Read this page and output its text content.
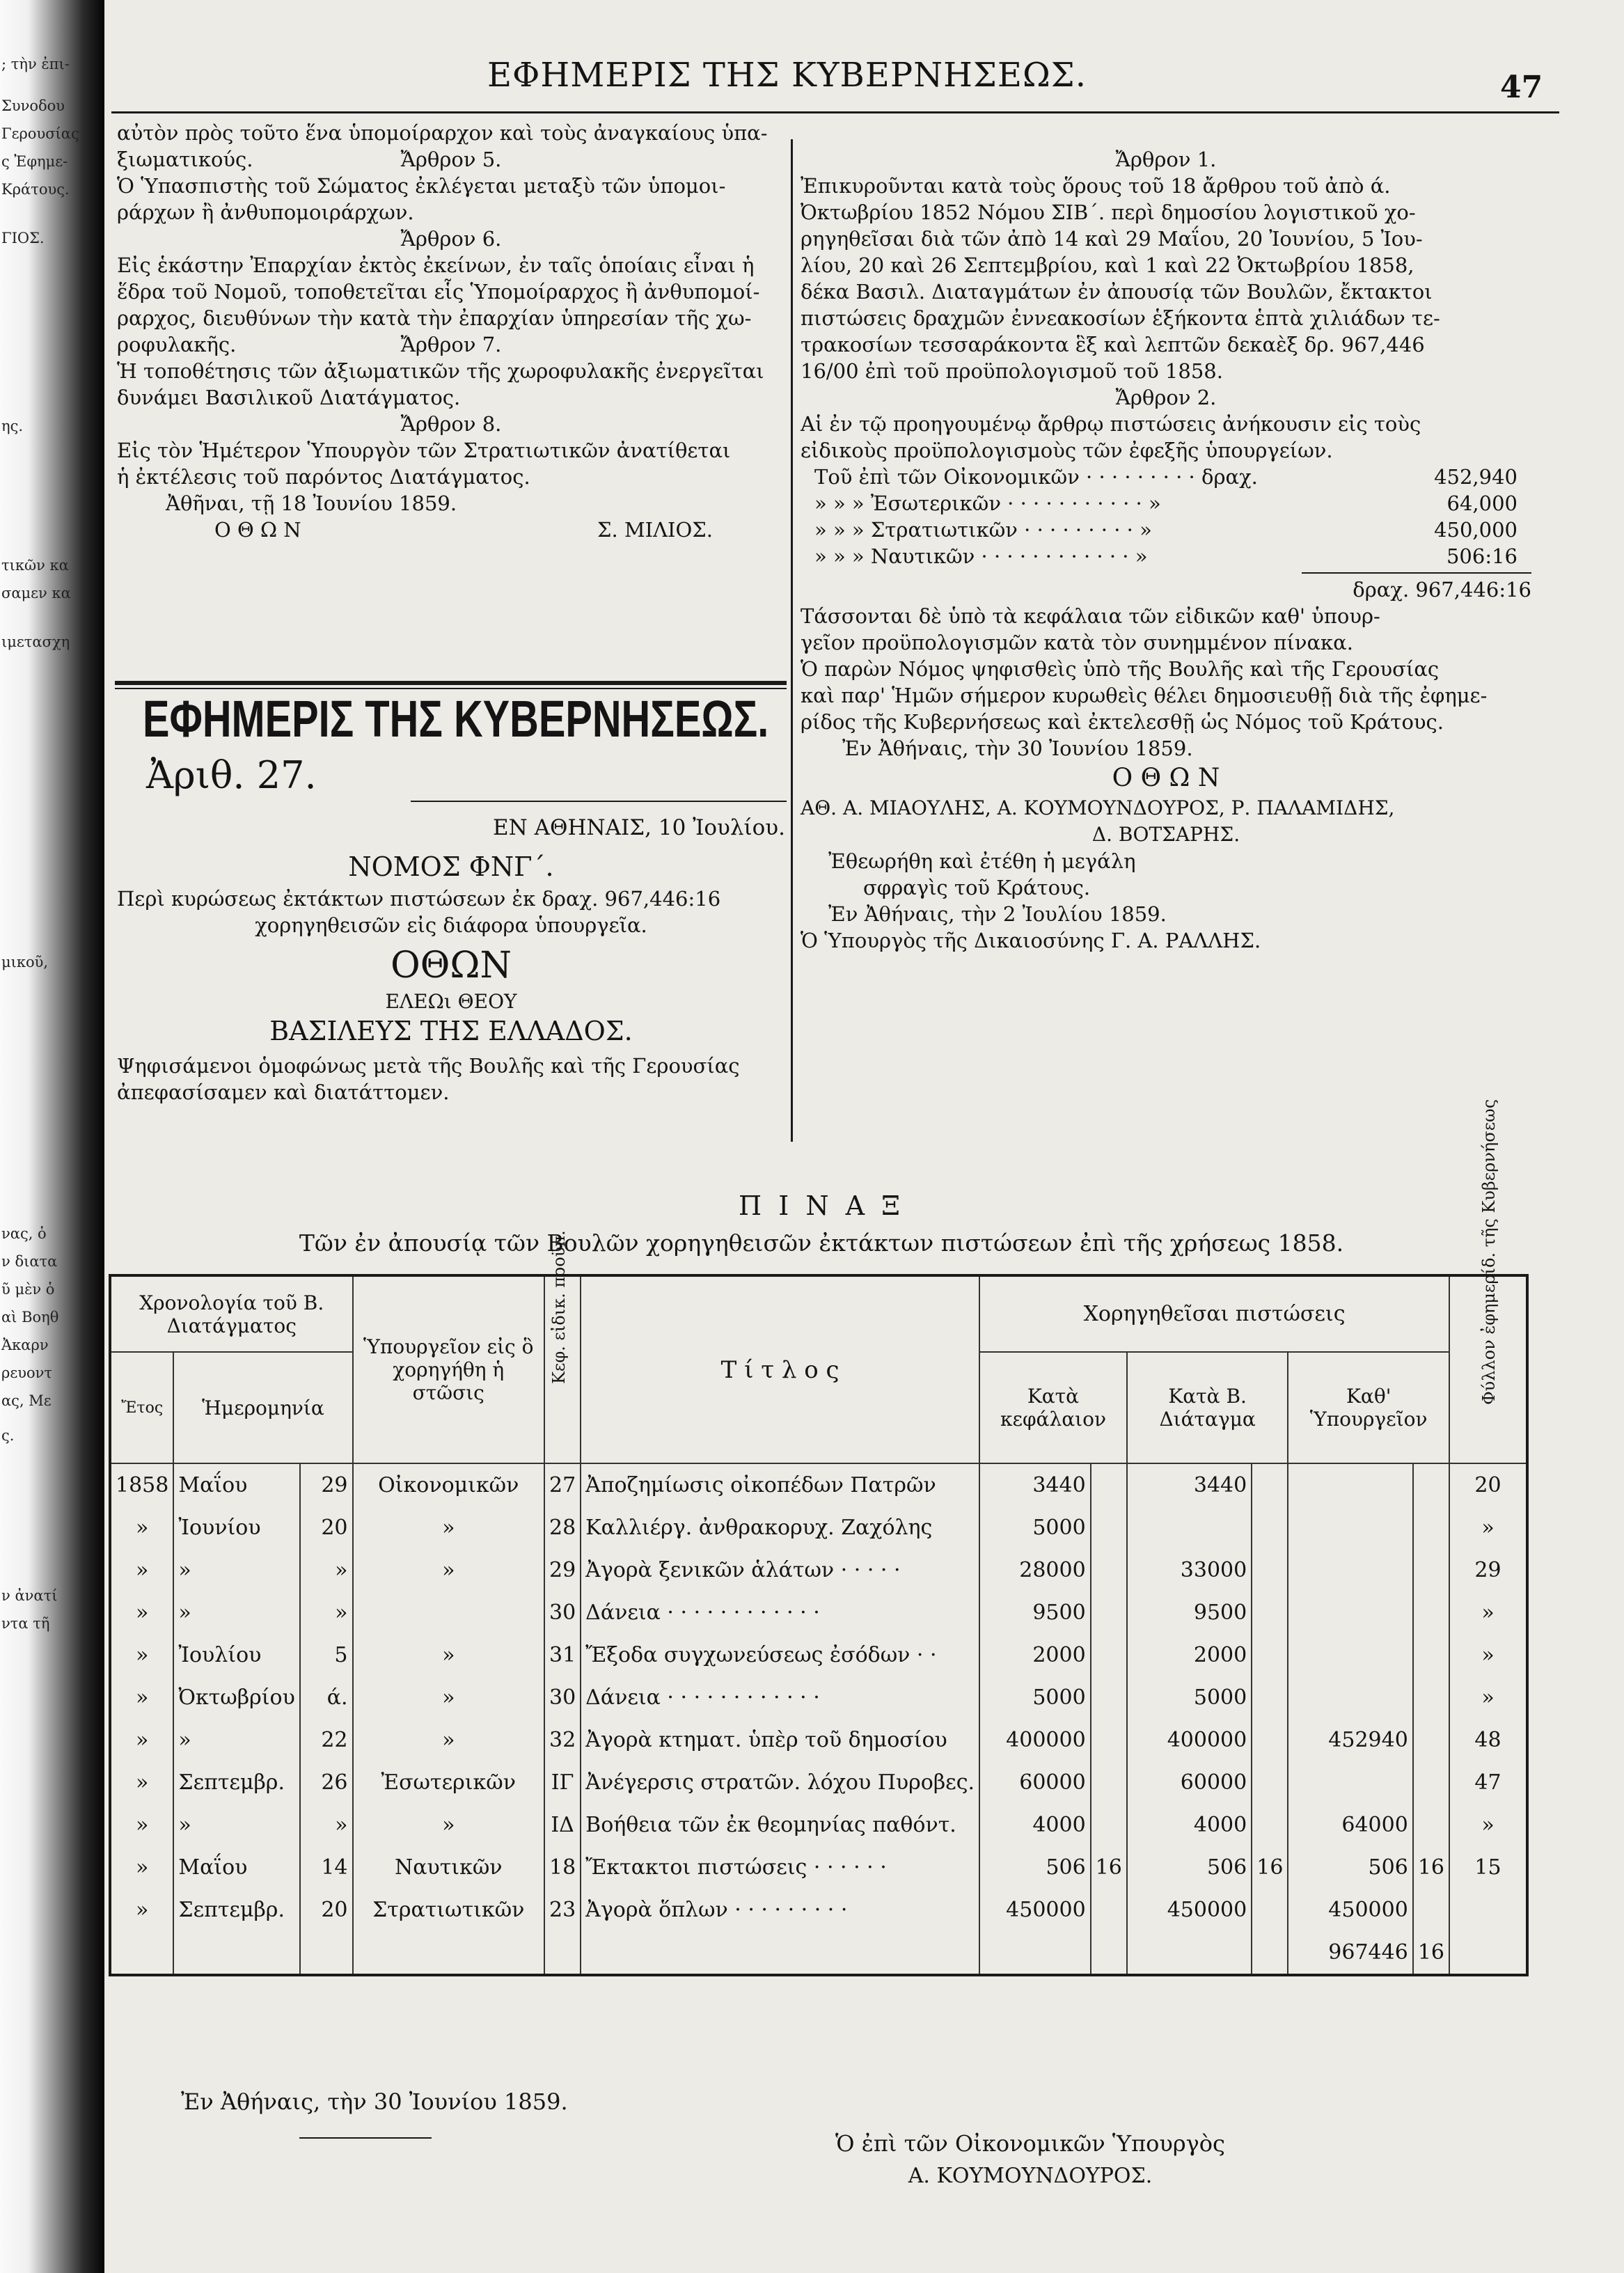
; τὴν ἐπι-
Συνοδου
Γερουσίας
ς Ἐφημε-
Κράτους.
ΓΙΟΣ.
ης.
τικῶν κα
σαμεν κα
ιμετασχη
μικοῦ,
νας, ὁ
ν διατα
ῦ μὲν ὁ
αὶ Βοηθ
Ἀκαρν
ρευοντ
ας, Με
ς.
ν ἀνατί
ντα τῆ
ΕΦΗΜΕΡΙΣ ΤΗΣ ΚΥΒΕΡΝΗΣΕΩΣ.	47

αὐτὸν πρὸς τοῦτο ἕνα ὑπομοίραρχον καὶ τοὺς ἀναγκαίους ὑπα-

ξιωματικούς.	Ἄρθρον 5.

Ὁ Ὑπασπιστὴς τοῦ Σώματος ἐκλέγεται μεταξὺ τῶν ὑπομοι-

ράρχων ἢ ἀνθυπομοιράρχων.

Ἄρθρον 6.

Εἰς ἑκάστην Ἐπαρχίαν ἐκτὸς ἐκείνων, ἐν ταῖς ὁποίαις εἶναι ἡ

ἕδρα τοῦ Νομοῦ, τοποθετεῖται εἷς Ὑπομοίραρχος ἢ ἀνθυπομοί-

ραρχος, διευθύνων τὴν κατὰ τὴν ἐπαρχίαν ὑπηρεσίαν τῆς χω-

ροφυλακῆς.	Ἄρθρον 7.

Ἡ τοποθέτησις τῶν ἀξιωματικῶν τῆς χωροφυλακῆς ἐνεργεῖται

δυνάμει Βασιλικοῦ Διατάγματος.

Ἄρθρον 8.

Εἰς τὸν Ἡμέτερον Ὑπουργὸν τῶν Στρατιωτικῶν ἀνατίθεται

ἡ ἐκτέλεσις τοῦ παρόντος Διατάγματος.

Ἀθῆναι, τῇ 18 Ἰουνίου 1859.

Ο Θ Ω Ν	Σ. ΜΙΛΙΟΣ.

ΕΦΗΜΕΡΙΣ ΤΗΣ ΚΥΒΕΡΝΗΣΕΩΣ.
Ἀριθ. 27.

ΕΝ ΑΘΗΝΑΙΣ, 10 Ἰουλίου.

ΝΟΜΟΣ ΦΝΓ΄.

Περὶ κυρώσεως ἐκτάκτων πιστώσεων ἐκ δραχ. 967,446:16

χορηγηθεισῶν εἰς διάφορα ὑπουργεῖα.

ΟΘΩΝ

ΕΛΕΩι ΘΕΟΥ

ΒΑΣΙΛΕΥΣ ΤΗΣ ΕΛΛΑΔΟΣ.

Ψηφισάμενοι ὁμοφώνως μετὰ τῆς Βουλῆς καὶ τῆς Γερουσίας

ἀπεφασίσαμεν καὶ διατάττομεν.

Ἄρθρον 1.

Ἐπικυροῦνται κατὰ τοὺς ὅρους τοῦ 18 ἄρθρου τοῦ ἀπὸ ά.

Ὀκτωβρίου 1852 Νόμου ΣΙΒ΄. περὶ δημοσίου λογιστικοῦ χο-

ρηγηθεῖσαι διὰ τῶν ἀπὸ 14 καὶ 29 Μαΐου, 20 Ἰουνίου, 5 Ἰου-

λίου, 20 καὶ 26 Σεπτεμβρίου, καὶ 1 καὶ 22 Ὀκτωβρίου 1858,

δέκα Βασιλ. Διαταγμάτων ἐν ἀπουσίᾳ τῶν Βουλῶν, ἔκτακτοι

πιστώσεις δραχμῶν ἐννεακοσίων ἑξήκοντα ἑπτὰ χιλιάδων τε-

τρακοσίων τεσσαράκοντα ἓξ καὶ λεπτῶν δεκαὲξ δρ. 967,446

16/00 ἐπὶ τοῦ προϋπολογισμοῦ τοῦ 1858.

Ἄρθρον 2.

Αἱ ἐν τῷ προηγουμένῳ ἄρθρῳ πιστώσεις ἀνήκουσιν εἰς τοὺς

εἰδικοὺς προϋπολογισμοὺς τῶν ἐφεξῆς ὑπουργείων.

Τοῦ ἐπὶ τῶν Οἰκονομικῶν · · · · · · · · · δραχ.	452,940

» » » Ἐσωτερικῶν · · · · · · · · · · · »	64,000

» » » Στρατιωτικῶν · · · · · · · · · »	450,000

» » » Ναυτικῶν · · · · · · · · · · · · »	506:16

δραχ. 967,446:16

Τάσσονται δὲ ὑπὸ τὰ κεφάλαια τῶν εἰδικῶν καθ' ὑπουρ-

γεῖον προϋπολογισμῶν κατὰ τὸν συνημμένον πίνακα.

Ὁ παρὼν Νόμος ψηφισθεὶς ὑπὸ τῆς Βουλῆς καὶ τῆς Γερουσίας

καὶ παρ' Ἡμῶν σήμερον κυρωθεὶς θέλει δημοσιευθῇ διὰ τῆς ἐφημε-

ρίδος τῆς Κυβερνήσεως καὶ ἐκτελεσθῇ ὡς Νόμος τοῦ Κράτους.

Ἐν Ἀθήναις, τὴν 30 Ἰουνίου 1859.

Ο Θ Ω Ν

ΑΘ. Α. ΜΙΑΟΥΛΗΣ, Α. ΚΟΥΜΟΥΝΔΟΥΡΟΣ, Ρ. ΠΑΛΑΜΙΔΗΣ,

Δ. ΒΟΤΣΑΡΗΣ.

Ἐθεωρήθη καὶ ἐτέθη ἡ μεγάλη

σφραγὶς τοῦ Κράτους.

Ἐν Ἀθήναις, τὴν 2 Ἰουλίου 1859.

Ὁ Ὑπουργὸς τῆς Δικαιοσύνης Γ. Α. ΡΑΛΛΗΣ.

Π Ι Ν Α Ξ
Τῶν ἐν ἀπουσίᾳ τῶν Βουλῶν χορηγηθεισῶν ἐκτάκτων πιστώσεων ἐπὶ τῆς χρήσεως 1858.
Χρονολογία τοῦ Β. Διατάγματος			Ὑπουργεῖον εἰς ὃ χορηγήθη ἡ στῶσις	Κεφ. εἰδικ. προϋπ.	Τ ί τ λ ο ς	Χορηγηθεῖσαι πιστώσεις	

Ἔτος	Ἡμερομηνία					Κατὰ κεφάλαιον		Κατὰ Β. Διάταγμα		Καθ' Ὑπουργεῖον		
1858	Μαΐου	29	Οἰκονομικῶν	27	Ἀποζημίωσις οἰκοπέδων Πατρῶν	3440		3440				20
»	Ἰουνίου	20	»	28	Καλλιέργ. ἀνθρακορυχ. Ζαχόλης	5000						»
»	»	»	»	29	Ἀγορὰ ξενικῶν ἁλάτων · · · · ·	28000		33000				29
»	»	»		30	Δάνεια · · · · · · · · · · · ·	9500		9500				»
»	Ἰουλίου	5	»	31	Ἔξοδα συγχωνεύσεως ἐσόδων · ·	2000		2000				»
»	Ὀκτωβρίου	ά.	»	30	Δάνεια · · · · · · · · · · · ·	5000		5000				»
»	»	22	»	32	Ἀγορὰ κτηματ. ὑπὲρ τοῦ δημοσίου	400000		400000		452940		48
»	Σεπτεμβρ.	26	Ἐσωτερικῶν	ΙΓ	Ἀνέγερσις στρατῶν. λόχου Πυροβες.	60000		60000				47
»	»	»	»	ΙΔ	Βοήθεια τῶν ἐκ θεομηνίας παθόντ.	4000		4000		64000		»
»	Μαΐου	14	Ναυτικῶν	18	Ἔκτακτοι πιστώσεις · · · · · ·	506	16	506	16	506	16	15
»	Σεπτεμβρ.	20	Στρατιωτικῶν	23	Ἀγορὰ ὅπλων · · · · · · · · ·	450000		450000		450000		
										967446	16	
Ἐν Ἀθήναις, τὴν 30 Ἰουνίου 1859.
Ὁ ἐπὶ τῶν Οἰκονομικῶν Ὑπουργὸς
Α. ΚΟΥΜΟΥΝΔΟΥΡΟΣ.
